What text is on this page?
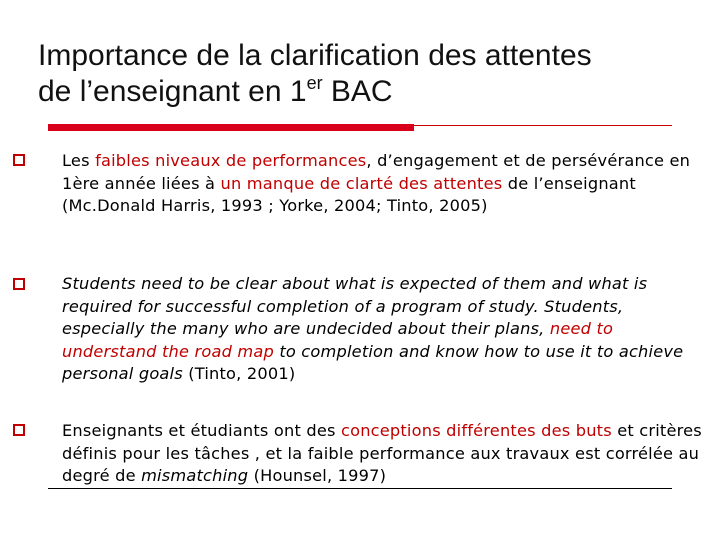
Importance de la clarification des attentes
de l’enseignant en 1er BAC
Les faibles niveaux de performances, d’engagement et de persévérance en 1ère année liées à un manque de clarté des attentes de l’enseignant (Mc.Donald Harris, 1993 ; Yorke, 2004; Tinto, 2005)
Students need to be clear about what is expected of them and what is required for successful completion of a program of study. Students, especially the many who are undecided about their plans, need to understand the road map to completion and know how to use it to achieve personal goals (Tinto, 2001)
Enseignants et étudiants ont des conceptions différentes des buts et critères définis pour les tâches , et la faible performance aux travaux est corrélée au degré de mismatching (Hounsel, 1997)
